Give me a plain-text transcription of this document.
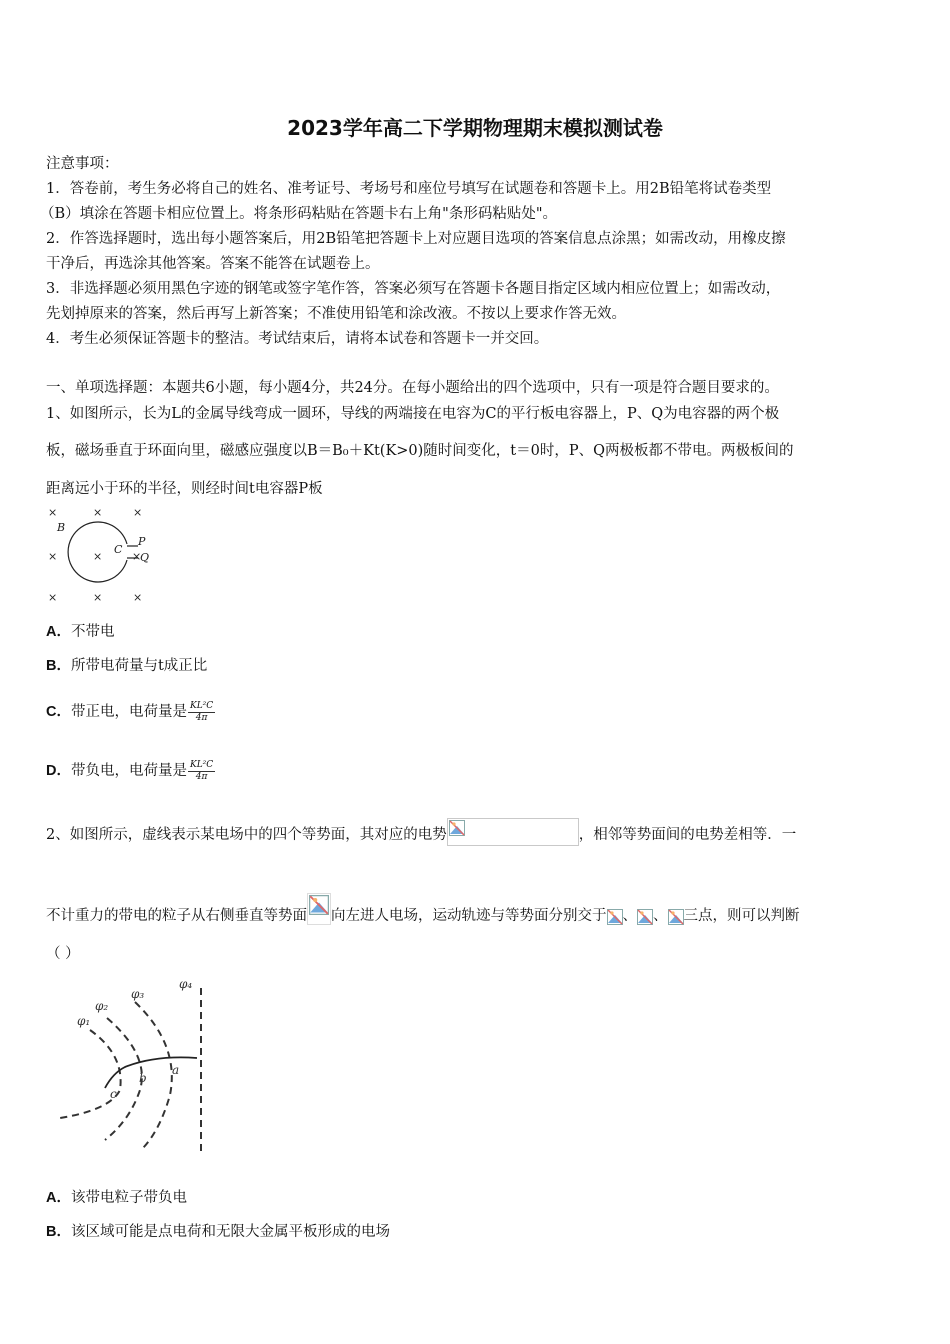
2023学年高二下学期物理期末模拟测试卷
注意事项：
1．答卷前，考生务必将自己的姓名、准考证号、考场号和座位号填写在试题卷和答题卡上。用2B铅笔将试卷类型
（B）填涂在答题卡相应位置上。将条形码粘贴在答题卡右上角"条形码粘贴处"。
2．作答选择题时，选出每小题答案后，用2B铅笔把答题卡上对应题目选项的答案信息点涂黑；如需改动，用橡皮擦
干净后，再选涂其他答案。答案不能答在试题卷上。
3．非选择题必须用黑色字迹的钢笔或签字笔作答，答案必须写在答题卡各题目指定区域内相应位置上；如需改动，
先划掉原来的答案，然后再写上新答案；不准使用铅笔和涂改液。不按以上要求作答无效。
4．考生必须保证答题卡的整洁。考试结束后，请将本试卷和答题卡一并交回。
一、单项选择题：本题共6小题，每小题4分，共24分。在每小题给出的四个选项中，只有一项是符合题目要求的。
1、如图所示，长为L的金属导线弯成一圆环，导线的两端接在电容为C的平行板电容器上，P、Q为电容器的两个极
板，磁场垂直于环面向里，磁感应强度以B＝B₀＋Kt(K>0)随时间变化，t＝0时，P、Q两极板都不带电。两极板间的
距离远小于环的半径，则经时间t电容器P板
×	×	×
×	×
×	×	×
B
C
P
×
Q
A．不带电
B．所带电荷量与t成正比
C．带正电，电荷量是 $\frac{\text{KL²C}}{4\pi}$
D．带负电，电荷量是 $\frac{\text{KL²C}}{4\pi}$
2、如图所示，虚线表示某电场中的四个等势面，其对应的电势	，相邻等势面间的电势差相等．一
不计重力的带电的粒子从右侧垂直等势面 向左进人电场，运动轨迹与等势面分别交于 、 、 三点，则可以判断
（ ）
φ₁
φ₂
φ₃
φ₄
a
b
c
A．该带电粒子带负电
B．该区域可能是点电荷和无限大金属平板形成的电场
